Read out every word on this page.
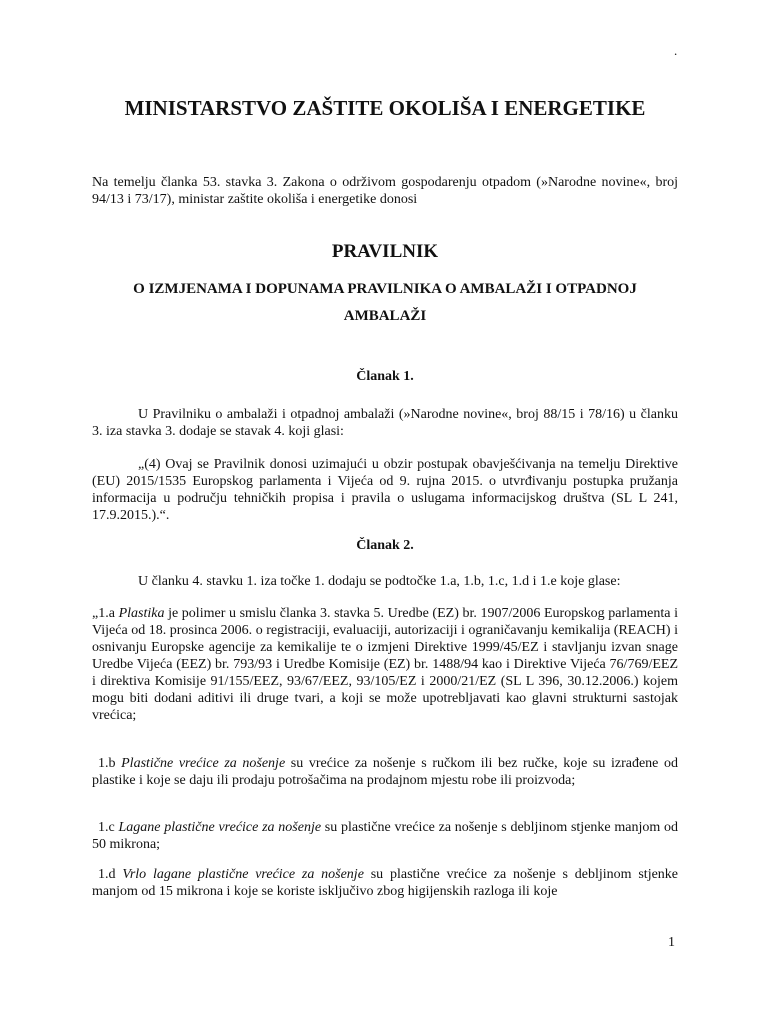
.
MINISTARSTVO ZAŠTITE OKOLIŠA I ENERGETIKE

Na temelju članka 53. stavka 3. Zakona o održivom gospodarenju otpadom (»Narodne novine«, broj 94/13 i 73/17), ministar zaštite okoliša i energetike donosi

PRAVILNIK
O IZMJENAMA I DOPUNAMA PRAVILNIKA O AMBALAŽI I OTPADNOJ AMBALAŽI
Članak 1.

U Pravilniku o ambalaži i otpadnoj ambalaži (»Narodne novine«, broj 88/15 i 78/16) u članku 3. iza stavka 3. dodaje se stavak 4. koji glasi:

„(4) Ovaj se Pravilnik donosi uzimajući u obzir postupak obavješćivanja na temelju Direktive (EU) 2015/1535 Europskog parlamenta i Vijeća od 9. rujna 2015. o utvrđivanju postupka pružanja informacija u području tehničkih propisa i pravila o uslugama informacijskog društva (SL L 241, 17.9.2015.).“.

Članak 2.

U članku 4. stavku 1. iza točke 1. dodaju se podtočke 1.a, 1.b, 1.c, 1.d i 1.e koje glase:

„1.a Plastika je polimer u smislu članka 3. stavka 5. Uredbe (EZ) br. 1907/2006 Europskog parlamenta i Vijeća od 18. prosinca 2006. o registraciji, evaluaciji, autorizaciji i ograničavanju kemikalija (REACH) i osnivanju Europske agencije za kemikalije te o izmjeni Direktive 1999/45/EZ i stavljanju izvan snage Uredbe Vijeća (EEZ) br. 793/93 i Uredbe Komisije (EZ) br. 1488/94 kao i Direktive Vijeća 76/769/EEZ i direktiva Komisije 91/155/EEZ, 93/67/EEZ, 93/105/EZ i 2000/21/EZ (SL L 396, 30.12.2006.) kojem mogu biti dodani aditivi ili druge tvari, a koji se može upotrebljavati kao glavni strukturni sastojak vrećica;

1.b Plastične vrećice za nošenje su vrećice za nošenje s ručkom ili bez ručke, koje su izrađene od plastike i koje se daju ili prodaju potrošačima na prodajnom mjestu robe ili proizvoda;

1.c Lagane plastične vrećice za nošenje su plastične vrećice za nošenje s debljinom stjenke manjom od 50 mikrona;

1.d Vrlo lagane plastične vrećice za nošenje su plastične vrećice za nošenje s debljinom stjenke manjom od 15 mikrona i koje se koriste isključivo zbog higijenskih razloga ili koje

1
